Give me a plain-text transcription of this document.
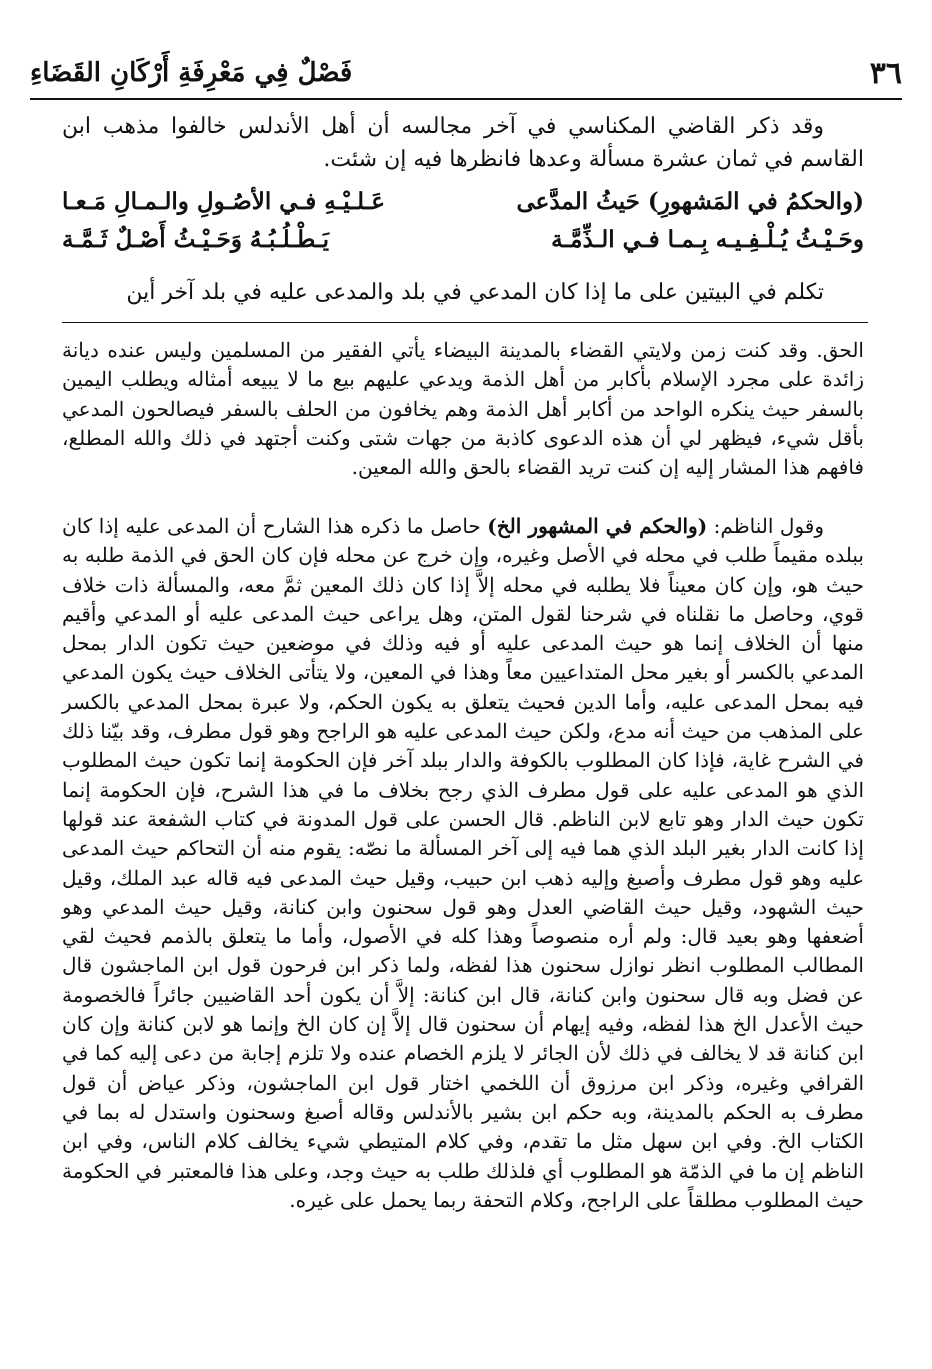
٣٦
فَصْلٌ فِي مَعْرِفَةِ أَرْكَانِ القَضَاءِ

وقد ذكر القاضي المكناسي في آخر مجالسه أن أهل الأندلس خالفوا مذهب ابن القاسم في ثمان عشرة مسألة وعدها فانظرها فيه إن شئت.

(والحكمُ في المَشهورِ) حَيثُ المدَّعى
عَـلـيْـهِ فـي الأصُـولِ والـمـالِ مَـعـا
وحَـيْـثُ يُـلْـفِـيـه بِـمـا فـي الـذِّمَّـة
يَـطْـلُـبُـهُ وَحَـيْـثُ أَصْـلٌ ثَـمَّـة

تكلم في البيتين على ما إذا كان المدعي في بلد والمدعى عليه في بلد آخر أين

الحق. وقد كنت زمن ولايتي القضاء بالمدينة البيضاء يأتي الفقير من المسلمين وليس عنده ديانة زائدة على مجرد الإسلام بأكابر من أهل الذمة ويدعي عليهم بيع ما لا يبيعه أمثاله ويطلب اليمين بالسفر حيث ينكره الواحد من أكابر أهل الذمة وهم يخافون من الحلف بالسفر فيصالحون المدعي بأقل شيء، فيظهر لي أن هذه الدعوى كاذبة من جهات شتى وكنت أجتهد في ذلك والله المطلع، فافهم هذا المشار إليه إن كنت تريد القضاء بالحق والله المعين.

وقول الناظم: (والحكم في المشهور الخ) حاصل ما ذكره هذا الشارح أن المدعى عليه إذا كان ببلده مقيماً طلب في محله في الأصل وغيره، وإن خرج عن محله فإن كان الحق في الذمة طلبه به حيث هو، وإن كان معيناً فلا يطلبه في محله إلاَّ إذا كان ذلك المعين ثمَّ معه، والمسألة ذات خلاف قوي، وحاصل ما نقلناه في شرحنا لقول المتن، وهل يراعى حيث المدعى عليه أو المدعي وأقيم منها أن الخلاف إنما هو حيث المدعى عليه أو فيه وذلك في موضعين حيث تكون الدار بمحل المدعي بالكسر أو بغير محل المتداعيين معاً وهذا في المعين، ولا يتأتى الخلاف حيث يكون المدعي فيه بمحل المدعى عليه، وأما الدين فحيث يتعلق به يكون الحكم، ولا عبرة بمحل المدعي بالكسر على المذهب من حيث أنه مدع، ولكن حيث المدعى عليه هو الراجح وهو قول مطرف، وقد بيّنا ذلك في الشرح غاية، فإذا كان المطلوب بالكوفة والدار ببلد آخر فإن الحكومة إنما تكون حيث المطلوب الذي هو المدعى عليه على قول مطرف الذي رجح بخلاف ما في هذا الشرح، فإن الحكومة إنما تكون حيث الدار وهو تابع لابن الناظم. قال الحسن على قول المدونة في كتاب الشفعة عند قولها إذا كانت الدار بغير البلد الذي هما فيه إلى آخر المسألة ما نصّه: يقوم منه أن التحاكم حيث المدعى عليه وهو قول مطرف وأصبغ وإليه ذهب ابن حبيب، وقيل حيث المدعى فيه قاله عبد الملك، وقيل حيث الشهود، وقيل حيث القاضي العدل وهو قول سحنون وابن كنانة، وقيل حيث المدعي وهو أضعفها وهو بعيد قال: ولم أره منصوصاً وهذا كله في الأصول، وأما ما يتعلق بالذمم فحيث لقي المطالب المطلوب انظر نوازل سحنون هذا لفظه، ولما ذكر ابن فرحون قول ابن الماجشون قال عن فضل وبه قال سحنون وابن كنانة، قال ابن كنانة: إلاَّ أن يكون أحد القاضيين جائراً فالخصومة حيث الأعدل الخ هذا لفظه، وفيه إيهام أن سحنون قال إلاَّ إن كان الخ وإنما هو لابن كنانة وإن كان ابن كنانة قد لا يخالف في ذلك لأن الجائر لا يلزم الخصام عنده ولا تلزم إجابة من دعى إليه كما في القرافي وغيره، وذكر ابن مرزوق أن اللخمي اختار قول ابن الماجشون، وذكر عياض أن قول مطرف به الحكم بالمدينة، وبه حكم ابن بشير بالأندلس وقاله أصبغ وسحنون واستدل له بما في الكتاب الخ. وفي ابن سهل مثل ما تقدم، وفي كلام المتيطي شيء يخالف كلام الناس، وفي ابن الناظم إن ما في الذمّة هو المطلوب أي فلذلك طلب به حيث وجد، وعلى هذا فالمعتبر في الحكومة حيث المطلوب مطلقاً على الراجح، وكلام التحفة ربما يحمل على غيره.
